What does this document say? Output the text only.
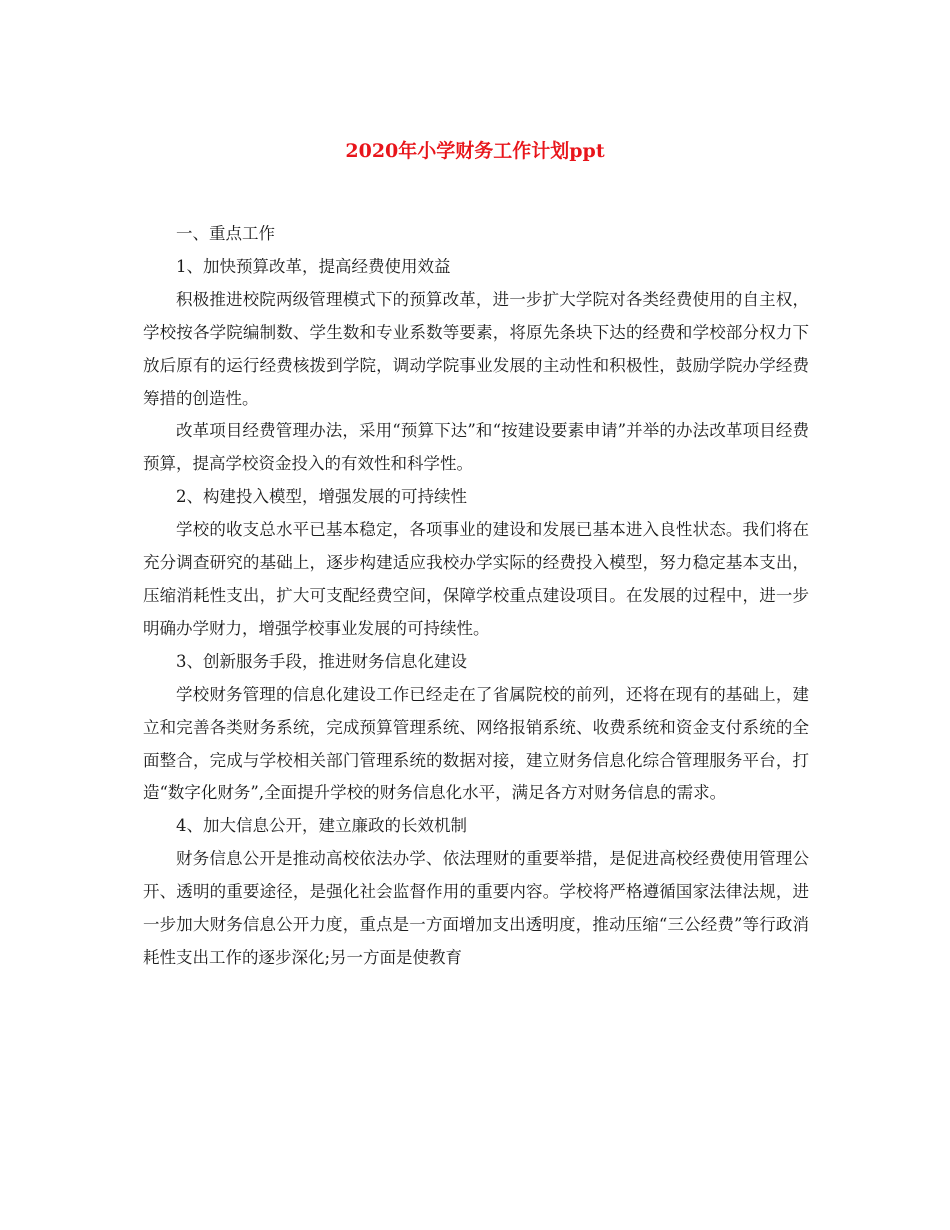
2020年小学财务工作计划ppt

一、重点工作

1、加快预算改革，提高经费使用效益

积极推进校院两级管理模式下的预算改革，进一步扩大学院对各类经费使用的自主权，学校按各学院编制数、学生数和专业系数等要素，将原先条块下达的经费和学校部分权力下放后原有的运行经费核拨到学院，调动学院事业发展的主动性和积极性，鼓励学院办学经费筹措的创造性。

改革项目经费管理办法，采用“预算下达”和“按建设要素申请”并举的办法改革项目经费预算，提高学校资金投入的有效性和科学性。

2、构建投入模型，增强发展的可持续性

学校的收支总水平已基本稳定，各项事业的建设和发展已基本进入良性状态。我们将在充分调查研究的基础上，逐步构建适应我校办学实际的经费投入模型，努力稳定基本支出，压缩消耗性支出，扩大可支配经费空间，保障学校重点建设项目。在发展的过程中，进一步明确办学财力，增强学校事业发展的可持续性。

3、创新服务手段，推进财务信息化建设

学校财务管理的信息化建设工作已经走在了省属院校的前列，还将在现有的基础上，建立和完善各类财务系统，完成预算管理系统、网络报销系统、收费系统和资金支付系统的全面整合，完成与学校相关部门管理系统的数据对接，建立财务信息化综合管理服务平台，打造“数字化财务”,全面提升学校的财务信息化水平，满足各方对财务信息的需求。

4、加大信息公开，建立廉政的长效机制

财务信息公开是推动高校依法办学、依法理财的重要举措，是促进高校经费使用管理公开、透明的重要途径，是强化社会监督作用的重要内容。学校将严格遵循国家法律法规，进一步加大财务信息公开力度，重点是一方面增加支出透明度，推动压缩“三公经费”等行政消耗性支出工作的逐步深化;另一方面是使教育
